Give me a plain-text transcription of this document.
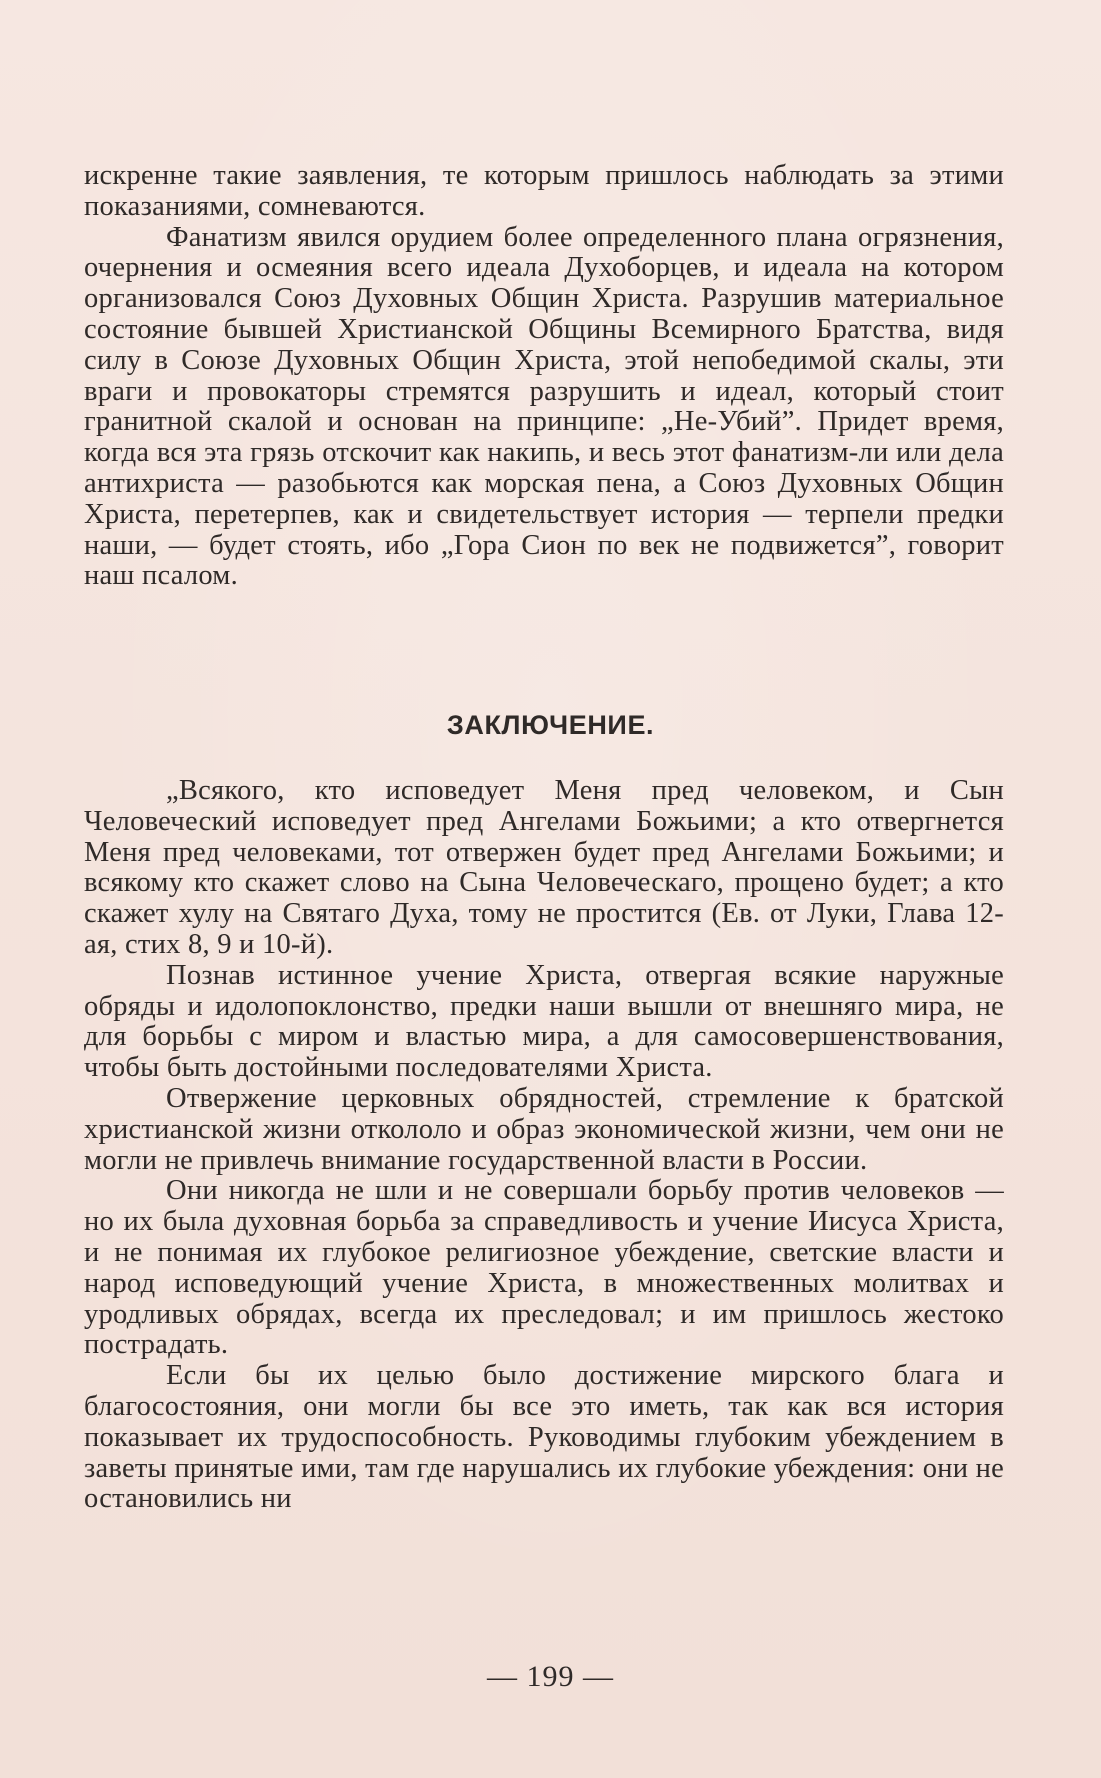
искренне такие заявления, те которым пришлось наблюдать за этими показаниями, сомневаются.

Фанатизм явился орудием более определенного плана огрязнения, очернения и осмеяния всего идеала Духоборцев, и идеала на котором организовался Союз Духовных Общин Христа. Разрушив материальное состояние бывшей Христианской Общины Всемирного Братства, видя силу в Союзе Духовных Общин Христа, этой непобедимой скалы, эти враги и провокаторы стремятся разрушить и идеал, который стоит гранитной скалой и основан на принципе: „Не-Убий”. Придет время, когда вся эта грязь отскочит как накипь, и весь этот фанатизм-ли или дела антихриста — разобьются как морская пена, а Союз Духовных Общин Христа, перетерпев, как и свидетельствует история — терпели предки наши, — будет стоять, ибо „Гора Сион по век не подвижется”, говорит наш псалом.

ЗАКЛЮЧЕНИЕ.

„Всякого, кто исповедует Меня пред человеком, и Сын Человеческий исповедует пред Ангелами Божьими; а кто отвергнется Меня пред человеками, тот отвержен будет пред Ангелами Божьими; и всякому кто скажет слово на Сына Человеческаго, прощено будет; а кто скажет хулу на Святаго Духа, тому не простится (Ев. от Луки, Глава 12-ая, стих 8, 9 и 10-й).

Познав истинное учение Христа, отвергая всякие наружные обряды и идолопоклонство, предки наши вышли от внешняго мира, не для борьбы с миром и властью мира, а для самосовершенствования, чтобы быть достойными последователями Христа.

Отвержение церковных обрядностей, стремление к братской христианской жизни откололо и образ экономической жизни, чем они не могли не привлечь внимание государственной власти в России.

Они никогда не шли и не совершали борьбу против человеков — но их была духовная борьба за справедливость и учение Иисуса Христа, и не понимая их глубокое религиозное убеждение, светские власти и народ исповедующий учение Христа, в множественных молитвах и уродливых обрядах, всегда их преследовал; и им пришлось жестоко пострадать.

Если бы их целью было достижение мирского блага и благосостояния, они могли бы все это иметь, так как вся история показывает их трудоспособность. Руководимы глубоким убеждением в заветы принятые ими, там где нарушались их глубокие убеждения: они не остановились ни

— 199 —
